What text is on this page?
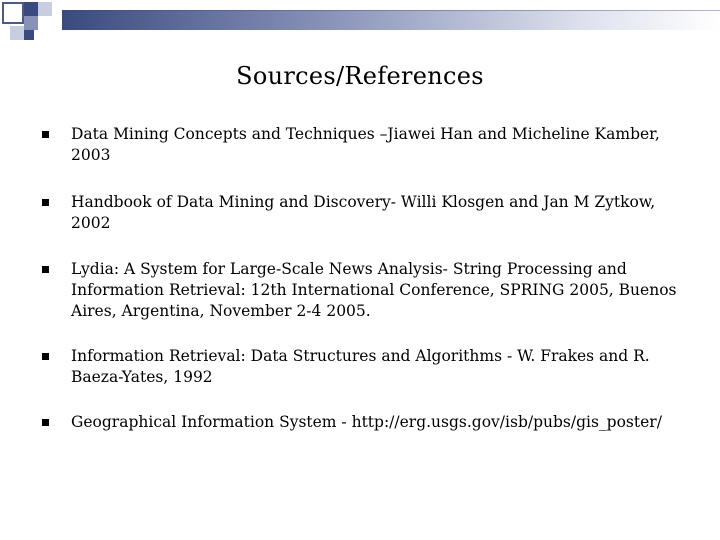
Sources/References
Data Mining Concepts and Techniques –Jiawei Han and Micheline Kamber, 2003
Handbook of Data Mining and Discovery- Willi Klosgen and Jan M Zytkow, 2002
Lydia: A System for Large-Scale News Analysis- String Processing and Information Retrieval: 12th International Conference, SPRING 2005, Buenos Aires, Argentina, November 2-4 2005.
Information Retrieval: Data Structures and Algorithms - W. Frakes and R. Baeza-Yates, 1992
Geographical Information System - http://erg.usgs.gov/isb/pubs/gis_poster/
